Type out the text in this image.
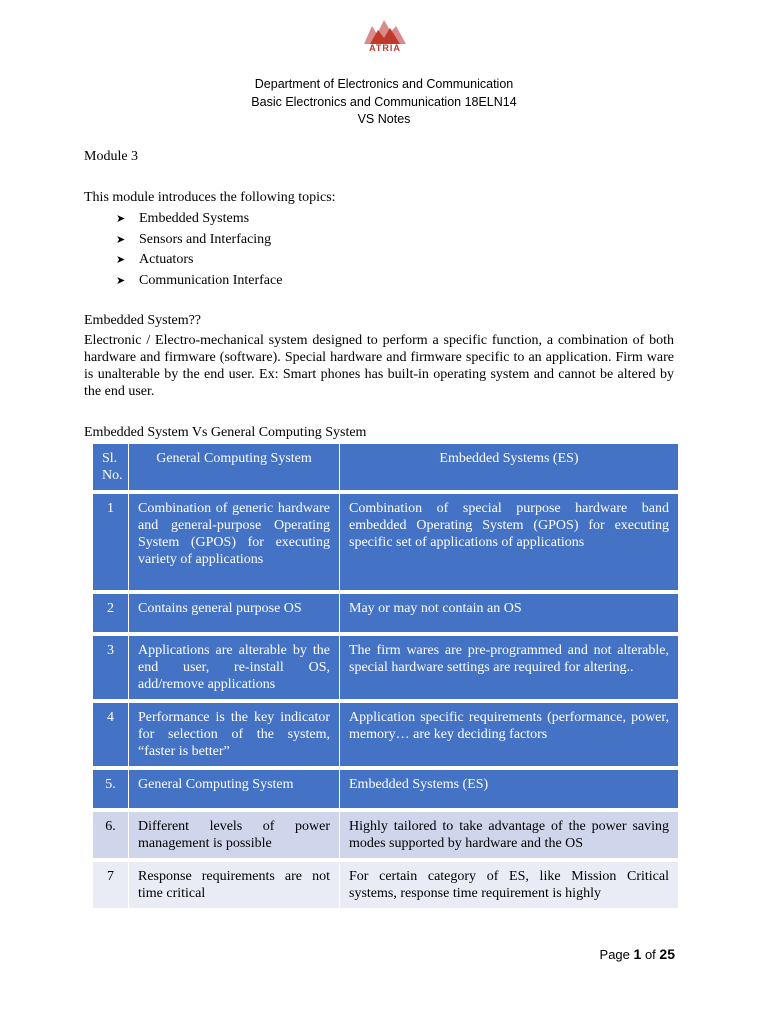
ATRIA
Department of Electronics and Communication
Basic Electronics and Communication 18ELN14
VS Notes
Module 3
This module introduces the following topics:
➤ Embedded Systems
➤ Sensors and Interfacing
➤ Actuators
➤ Communication Interface
Embedded System??
Electronic / Electro-mechanical system designed to perform a specific function, a combination of both hardware and firmware (software). Special hardware and firmware specific to an application. Firm ware is unalterable by the end user. Ex: Smart phones has built-in operating system and cannot be altered by the end user.
Embedded System Vs General Computing System
Sl. No.	General Computing System	Embedded Systems (ES)
1	Combination of generic hardware and general-purpose Operating System (GPOS) for executing variety of applications	Combination of special purpose hardware band embedded Operating System (GPOS) for executing specific set of applications of applications
2	Contains general purpose OS	May or may not contain an OS
3	Applications are alterable by the end user, re-install OS, add/remove applications	The firm wares are pre-programmed and not alterable, special hardware settings are required for altering..
4	Performance is the key indicator for selection of the system, “faster is better”	Application specific requirements (performance, power, memory… are key deciding factors
5.	General Computing System	Embedded Systems (ES)
6.	Different levels of power management is possible	Highly tailored to take advantage of the power saving modes supported by hardware and the OS
7	Response requirements are not time critical	For certain category of ES, like Mission Critical systems, response time requirement is highly
Page 1 of 25
